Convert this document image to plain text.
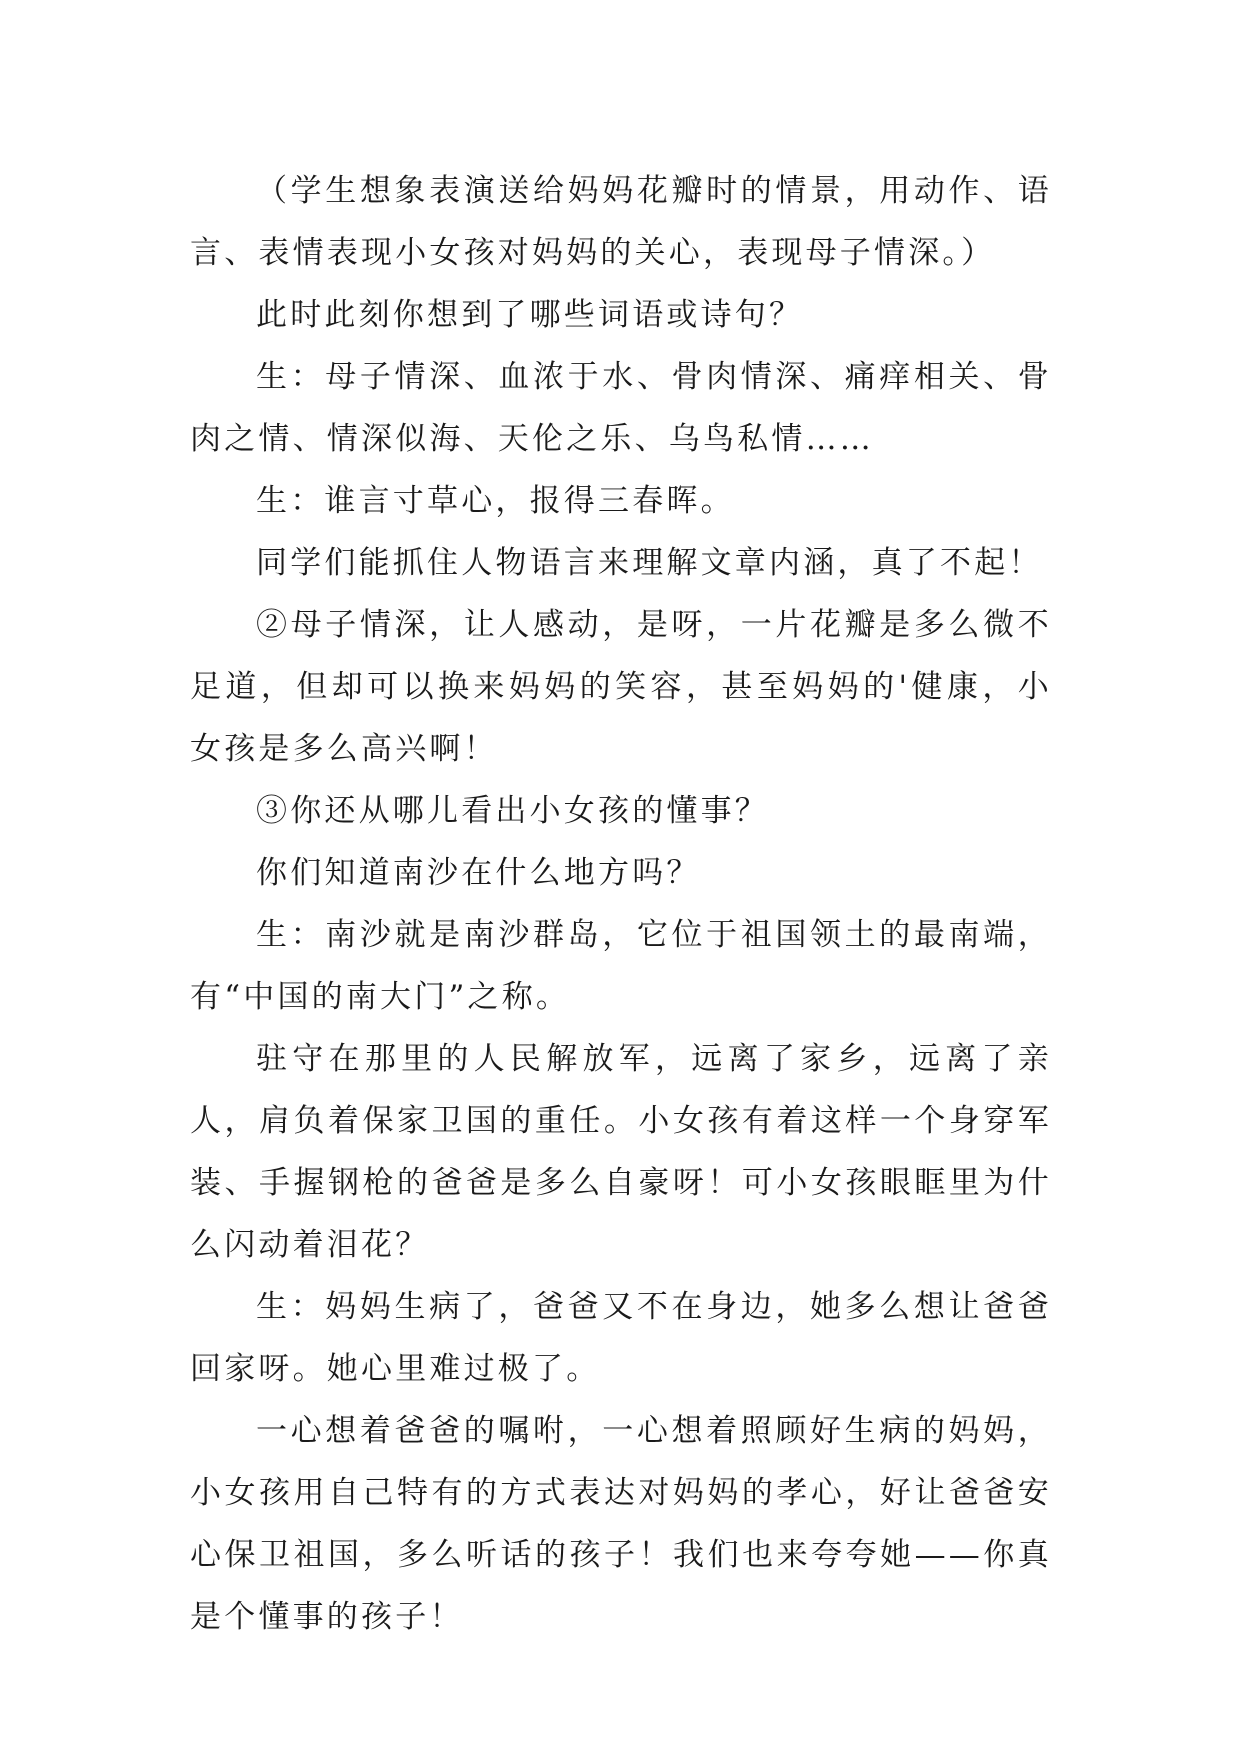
（学生想象表演送给妈妈花瓣时的情景，用动作、语言、表情表现小女孩对妈妈的关心，表现母子情深。）

此时此刻你想到了哪些词语或诗句？

生：母子情深、血浓于水、骨肉情深、痛痒相关、骨肉之情、情深似海、天伦之乐、乌鸟私情……

生：谁言寸草心，报得三春晖。

同学们能抓住人物语言来理解文章内涵，真了不起！

②母子情深，让人感动，是呀，一片花瓣是多么微不足道，但却可以换来妈妈的笑容，甚至妈妈的'健康，小女孩是多么高兴啊！

③你还从哪儿看出小女孩的懂事？

你们知道南沙在什么地方吗？

生：南沙就是南沙群岛，它位于祖国领土的最南端，有“中国的南大门”之称。

驻守在那里的人民解放军，远离了家乡，远离了亲人，肩负着保家卫国的重任。小女孩有着这样一个身穿军装、手握钢枪的爸爸是多么自豪呀！可小女孩眼眶里为什么闪动着泪花？

生：妈妈生病了，爸爸又不在身边，她多么想让爸爸回家呀。她心里难过极了。

一心想着爸爸的嘱咐，一心想着照顾好生病的妈妈，小女孩用自己特有的方式表达对妈妈的孝心，好让爸爸安心保卫祖国，多么听话的孩子！我们也来夸夸她——你真是个懂事的孩子！
